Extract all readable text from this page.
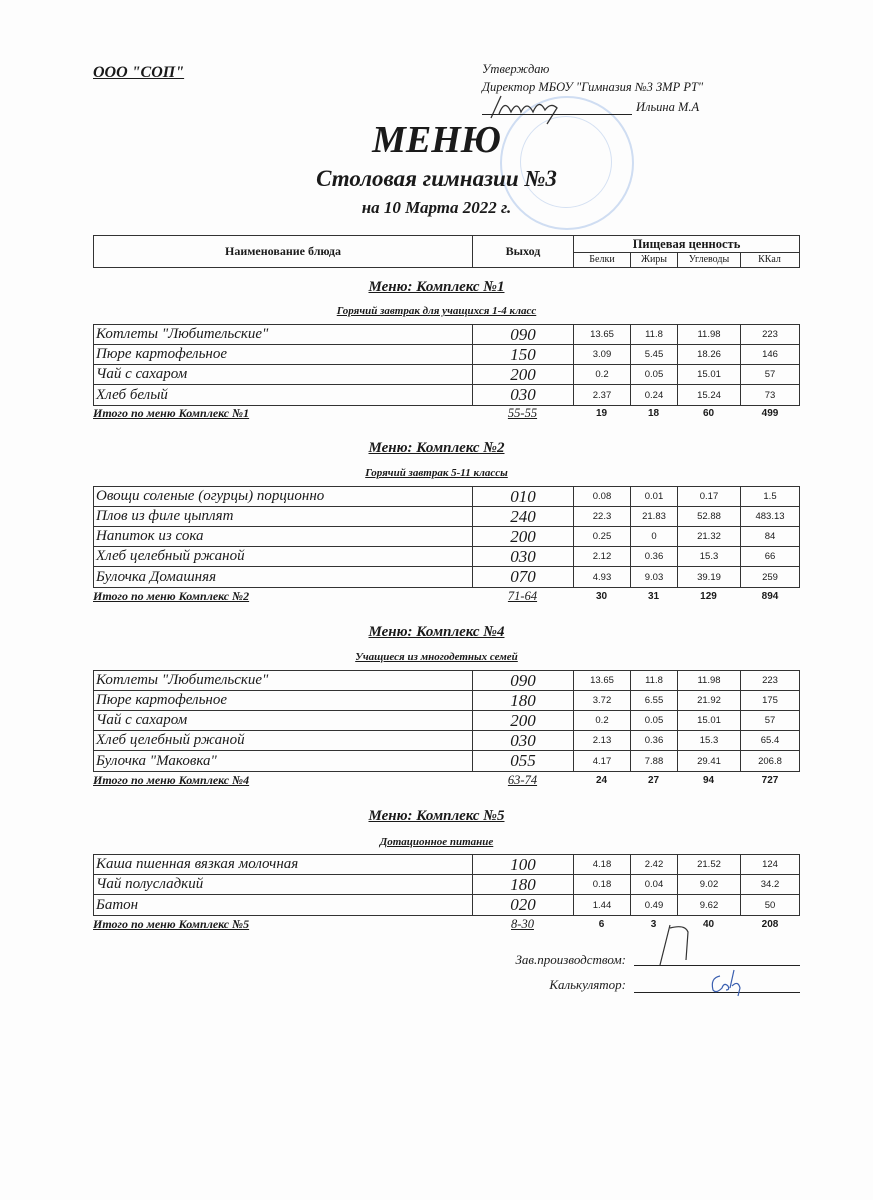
ООО "СОП"	Утверждаю
Директор МБОУ "Гимназия №3 ЗМР РТ"
Ильина М.А
МЕНЮ
Столовая гимназии №3
на 10 Марта 2022 г.
Наименование блюда	Выход
Пищевая ценность
Белки	Жиры	Углеводы	ККал
Меню: Комплекс №1
Горячий завтрак для учащихся 1-4 класс
Котлеты "Любительские"	090	13.65	11.8	11.98	223
Пюре картофельное	150	3.09	5.45	18.26	146
Чай с сахаром	200	0.2	0.05	15.01	57
Хлеб белый	030	2.37	0.24	15.24	73
Итого по меню Комплекс №1	55-55	19	18	60	499
Меню: Комплекс №2
Горячий завтрак 5-11 классы
Овощи соленые (огурцы) порционно	010	0.08	0.01	0.17	1.5
Плов из филе цыплят	240	22.3	21.83	52.88	483.13
Напиток из сока	200	0.25	0	21.32	84
Хлеб целебный ржаной	030	2.12	0.36	15.3	66
Булочка Домашняя	070	4.93	9.03	39.19	259
Итого по меню Комплекс №2	71-64	30	31	129	894
Меню: Комплекс №4
Учащиеся из многодетных семей
Котлеты "Любительские"	090	13.65	11.8	11.98	223
Пюре картофельное	180	3.72	6.55	21.92	175
Чай с сахаром	200	0.2	0.05	15.01	57
Хлеб целебный ржаной	030	2.13	0.36	15.3	65.4
Булочка "Маковка"	055	4.17	7.88	29.41	206.8
Итого по меню Комплекс №4	63-74	24	27	94	727
Меню: Комплекс №5
Дотационное питание
Каша пшенная вязкая молочная	100	4.18	2.42	21.52	124
Чай полусладкий	180	0.18	0.04	9.02	34.2
Батон	020	1.44	0.49	9.62	50
Итого по меню Комплекс №5	8-30	6	3	40	208
Зав.производством:
Калькулятор:
